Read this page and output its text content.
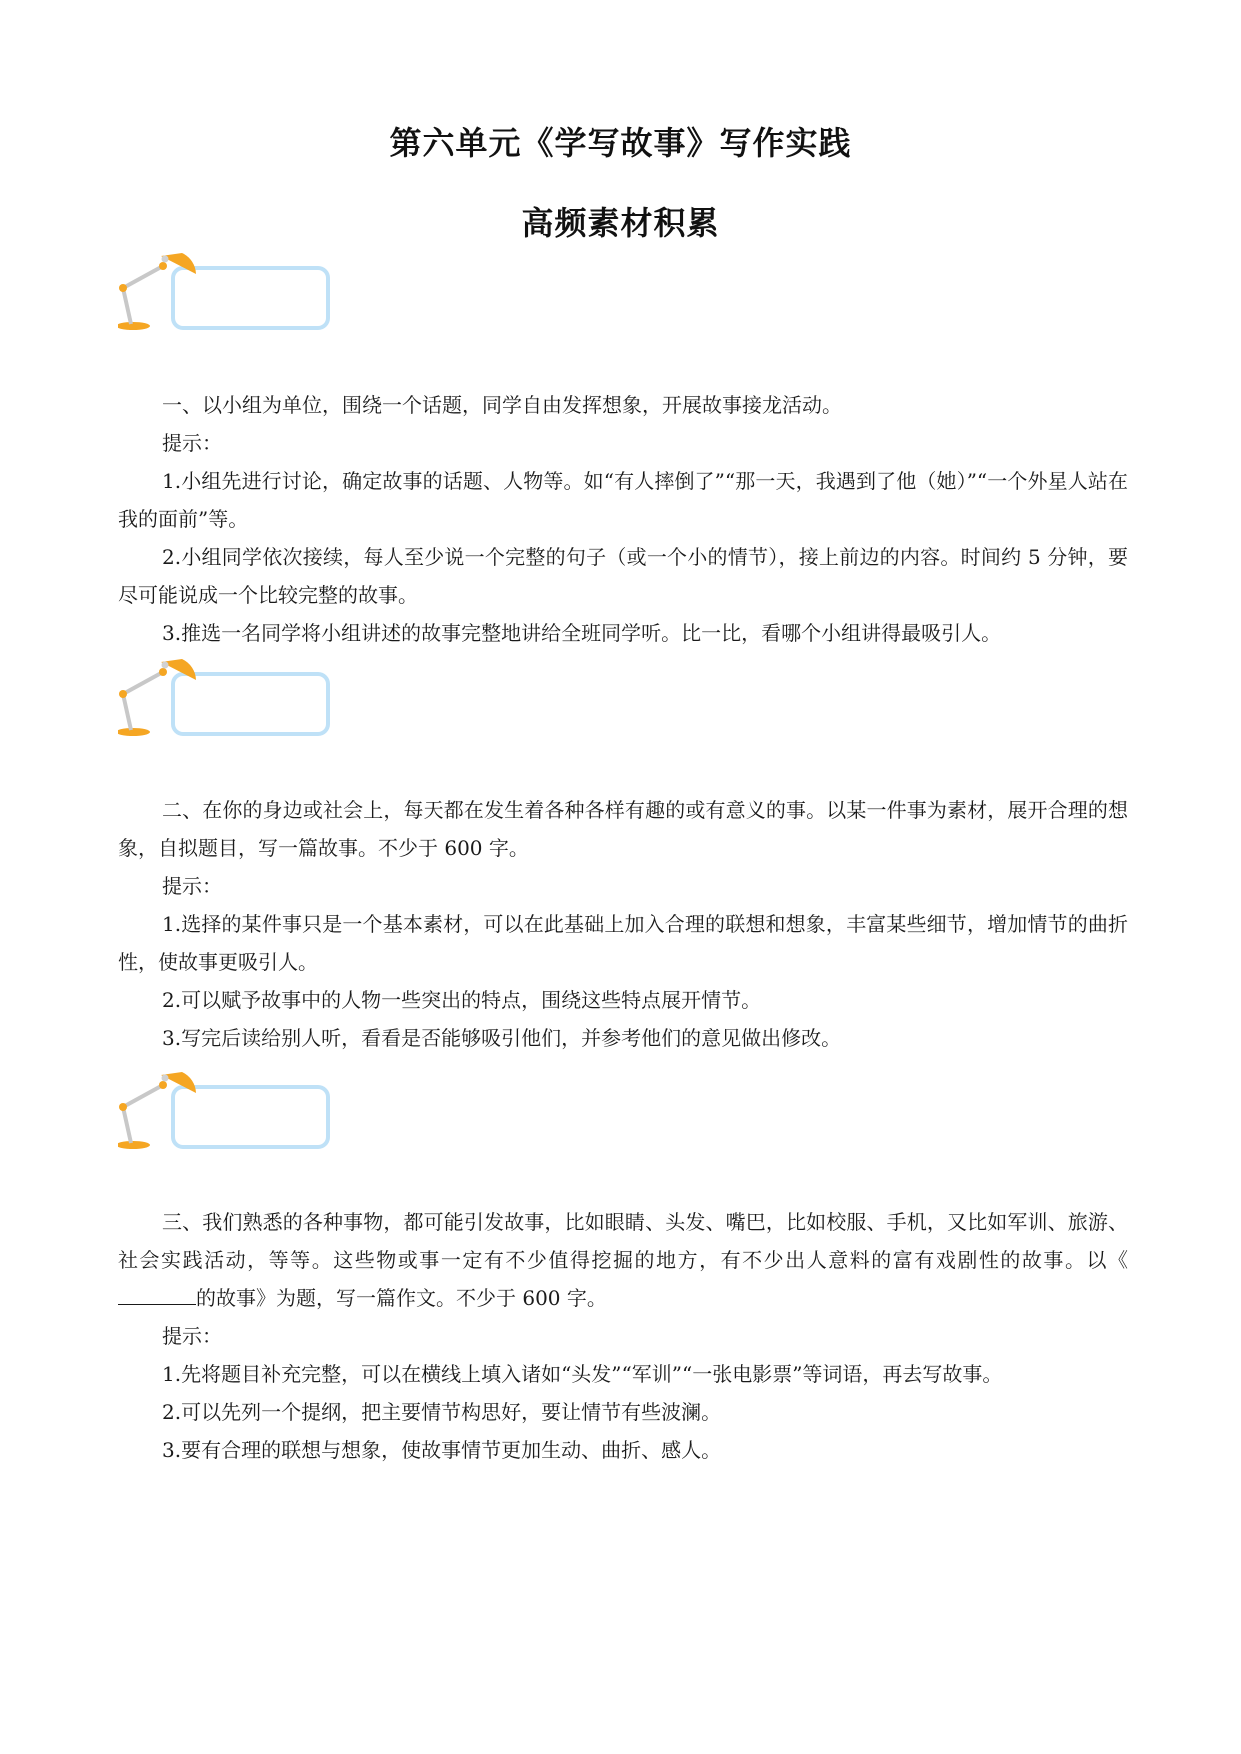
第六单元《学写故事》写作实践
高频素材积累

一、以小组为单位，围绕一个话题，同学自由发挥想象，开展故事接龙活动。

提示：

1.小组先进行讨论，确定故事的话题、人物等。如“有人摔倒了”“那一天，我遇到了他（她）”“一个外星人站在我的面前”等。

2.小组同学依次接续，每人至少说一个完整的句子（或一个小的情节），接上前边的内容。时间约 5 分钟，要尽可能说成一个比较完整的故事。

3.推选一名同学将小组讲述的故事完整地讲给全班同学听。比一比，看哪个小组讲得最吸引人。

二、在你的身边或社会上，每天都在发生着各种各样有趣的或有意义的事。以某一件事为素材，展开合理的想象，自拟题目，写一篇故事。不少于 600 字。

提示：

1.选择的某件事只是一个基本素材，可以在此基础上加入合理的联想和想象，丰富某些细节，增加情节的曲折性，使故事更吸引人。

2.可以赋予故事中的人物一些突出的特点，围绕这些特点展开情节。

3.写完后读给别人听，看看是否能够吸引他们，并参考他们的意见做出修改。

三、我们熟悉的各种事物，都可能引发故事，比如眼睛、头发、嘴巴，比如校服、手机，又比如军训、旅游、社会实践活动，等等。这些物或事一定有不少值得挖掘的地方，有不少出人意料的富有戏剧性的故事。以《的故事》为题，写一篇作文。不少于 600 字。

提示：

1.先将题目补充完整，可以在横线上填入诸如“头发”“军训”“一张电影票”等词语，再去写故事。

2.可以先列一个提纲，把主要情节构思好，要让情节有些波澜。

3.要有合理的联想与想象，使故事情节更加生动、曲折、感人。
